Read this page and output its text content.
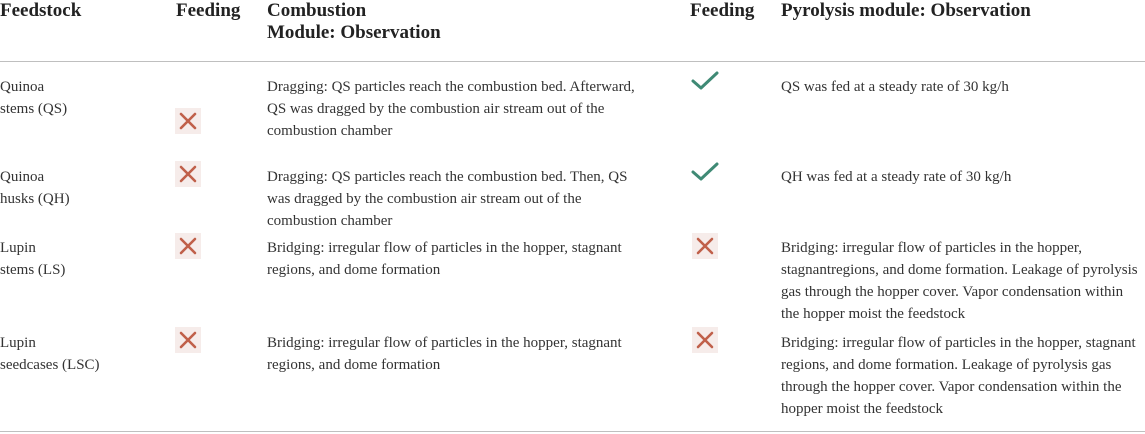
Feedstock	Feeding Combustion
Module: Observation
Feeding Pyrolysis module: Observation
Quinoa
stems (QS)
Dragging: QS particles reach the combustion bed. Afterward, QS was dragged by the combustion air stream out of the combustion chamber
QS was fed at a steady rate of 30 kg/h
Quinoa
husks (QH)
Dragging: QS particles reach the combustion bed. Then, QS was dragged by the combustion air stream out of the combustion chamber
QH was fed at a steady rate of 30 kg/h
Lupin
stems (LS)
Bridging: irregular flow of particles in the hopper, stagnant regions, and dome formation
Bridging: irregular flow of particles in the hopper, stagnantregions, and dome formation. Leakage of pyrolysis gas through the hopper cover. Vapor condensation within the hopper moist the feedstock
Lupin
seedcases (LSC)
Bridging: irregular flow of particles in the hopper, stagnant regions, and dome formation
Bridging: irregular flow of particles in the hopper, stagnant regions, and dome formation. Leakage of pyrolysis gas through the hopper cover. Vapor condensation within the hopper moist the feedstock
